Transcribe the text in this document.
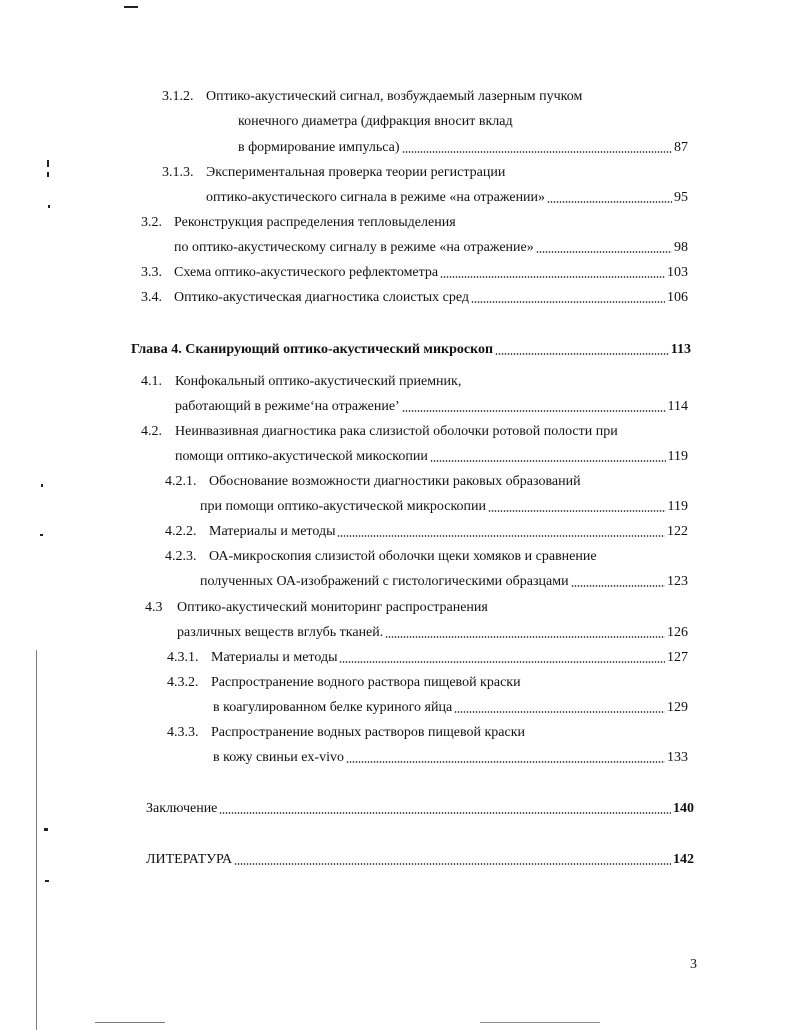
3.1.2. Оптико-акустический сигнал, возбуждаемый лазерным пучком
конечного диаметра (дифракция вносит вклад
в формирование импульса)	87
3.1.3. Экспериментальная проверка теории регистрации
оптико-акустического сигнала в режиме «на отражении»	95
3.2. Реконструкция распределения тепловыделения
по оптико-акустическому сигналу в режиме «на отражение»	98
3.3. Схема оптико-акустического рефлектометра	103
3.4. Оптико-акустическая диагностика слоистых сред	106
Глава 4. Сканирующий оптико-акустический микроскоп	113
4.1. Конфокальный оптико-акустический приемник,
работающий в режиме‘на отражение’	114
4.2. Неинвазивная диагностика рака слизистой оболочки ротовой полости при
помощи оптико-акустической микоскопии	119
4.2.1. Обоснование возможности диагностики раковых образований
при помощи оптико-акустической микроскопии	119
4.2.2. Материалы и методы	122
4.2.3. ОА-микроскопия слизистой оболочки щеки хомяков и сравнение
полученных ОА-изображений с гистологическими образцами	123
4.3 Оптико-акустический мониторинг распространения
различных веществ вглубь тканей.	126
4.3.1. Материалы и методы	127
4.3.2. Распространение водного раствора пищевой краски
в коагулированном белке куриного яйца	129
4.3.3. Распространение водных растворов пищевой краски
в кожу свиньи ex-vivo	133
Заключение	140
ЛИТЕРАТУРА	142
3
